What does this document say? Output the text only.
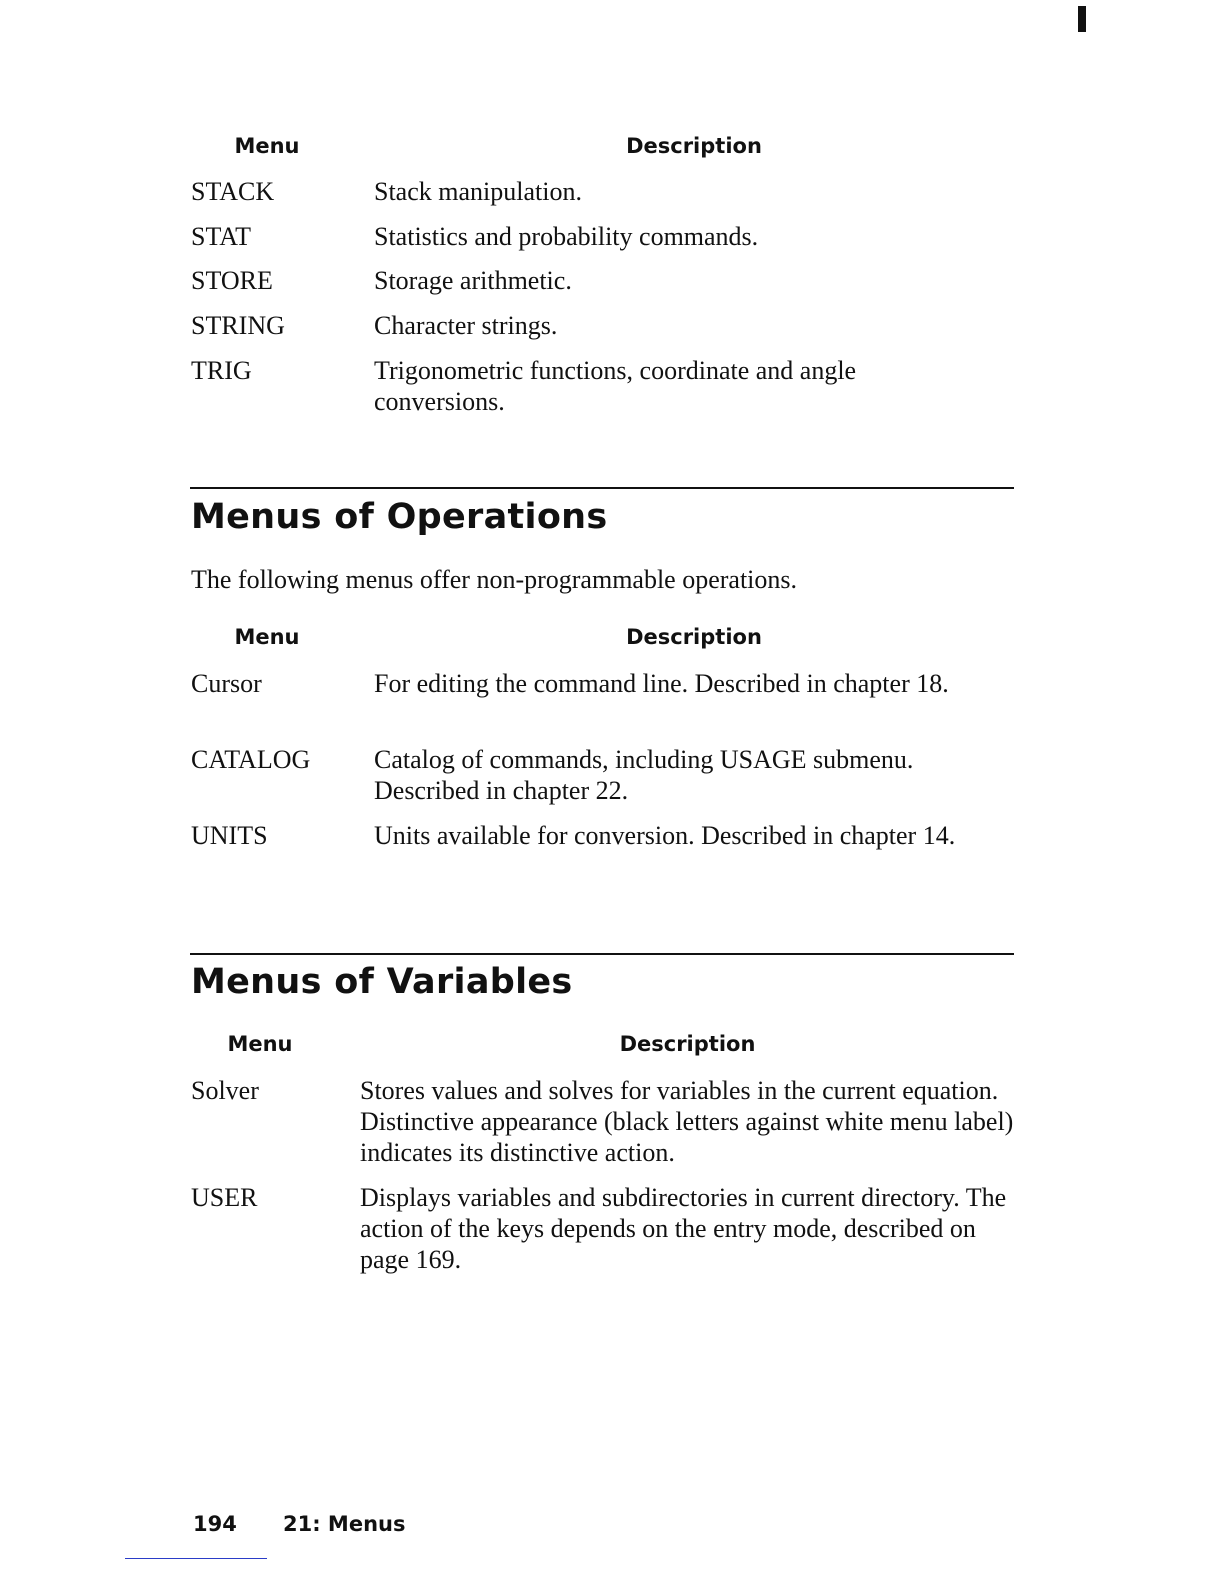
Menu	Description
STACK	Stack manipulation.
STAT	Statistics and probability commands.
STORE	Storage arithmetic.
STRING	Character strings.
TRIG	Trigonometric functions, coordinate and angle conversions.
Menus of Operations
The following menus offer non-programmable operations.
Menu	Description
Cursor	For editing the command line. Described in chapter 18.
CATALOG Catalog of commands, including USAGE submenu. Described in chapter 22.
UNITS	Units available for conversion. Described in chapter 14.
Menus of Variables
Menu	Description
Solver	Stores values and solves for variables in the current equation. Distinctive appearance (black letters against white menu label) indicates its distinctive action.
USER	Displays variables and subdirectories in current directory. The action of the keys depends on the entry mode, described on page 169.
194 21: Menus
